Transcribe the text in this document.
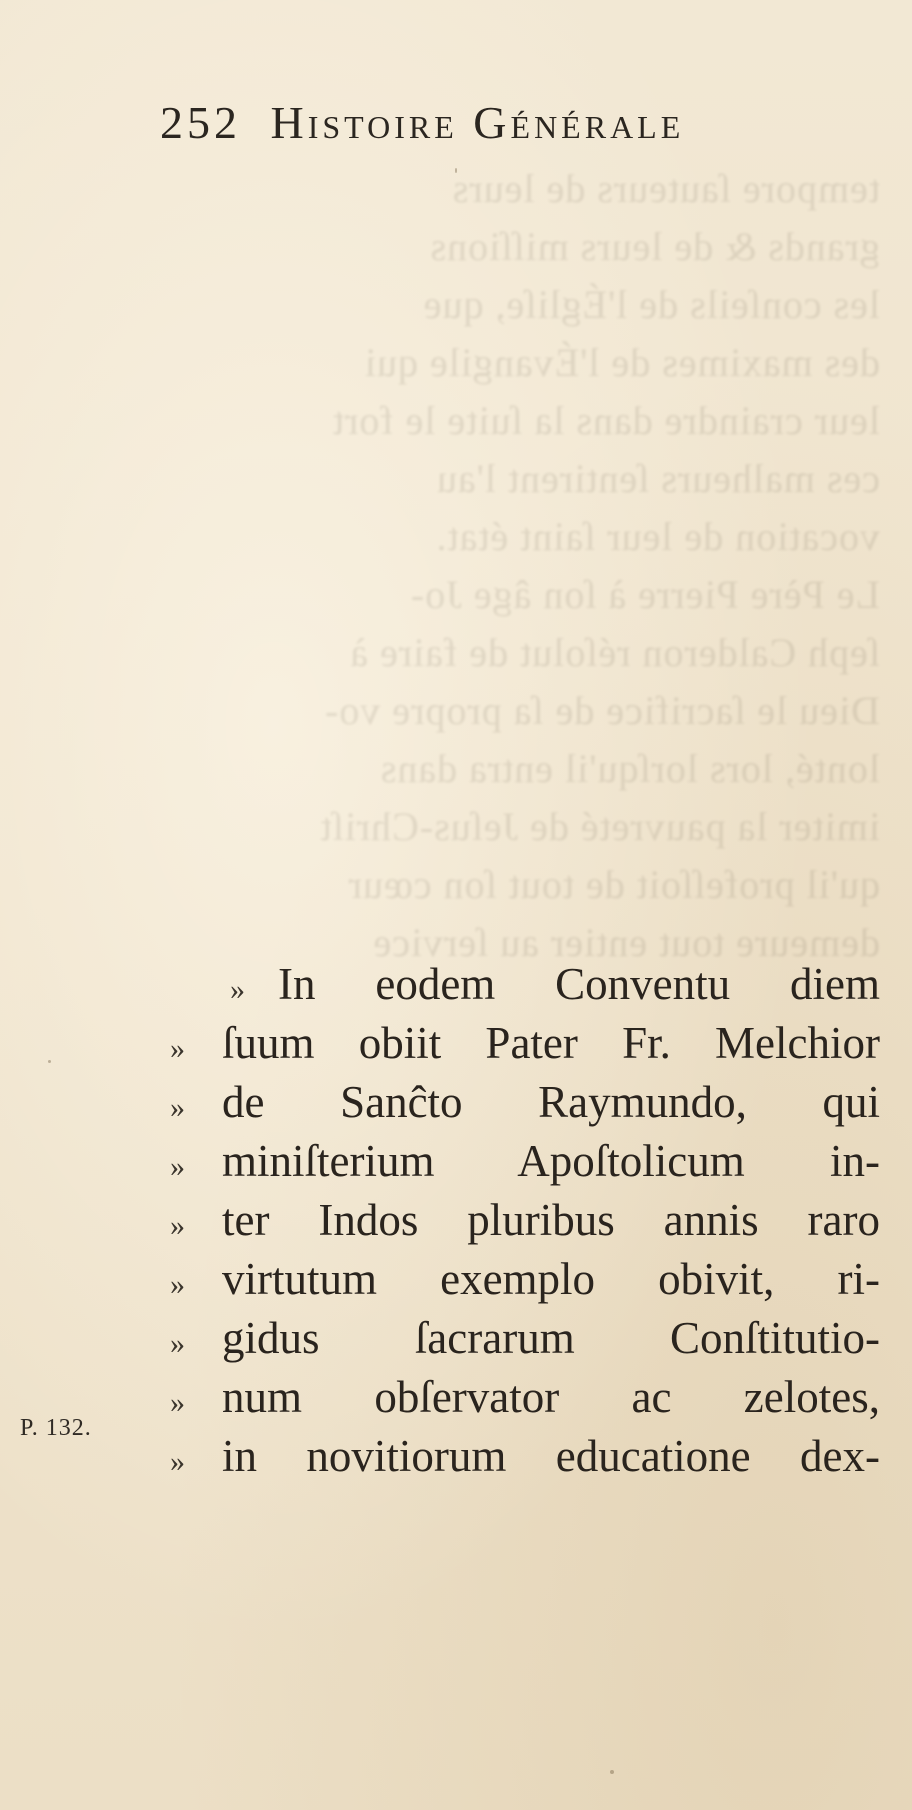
tempore ſauteurs de leurs
grands & de leurs miſſions
les conſeils de l'Égliſe, que
des maximes de l'Évangile qui
leur craindre dans la ſuite le fort
ces malheurs ſentirent l'au
vocation de leur ſaint état.
Le Père Pierre à ſon âge Jo-
ſeph Calderon réſolut de faire à
Dieu le ſacrifice de ſa propre vo-
lonté, lors lorſqu'il entra dans
imiter la pauvreté de Jeſus-Chriſt
qu'il profeſſoit de tout ſon cœur
demeure tout entier au ſervice
252 Histoire Générale
» In eodem Conventu diem
» ſuum obiit Pater Fr. Melchior
» de Sanĉto Raymundo, qui
» miniſterium Apoſtolicum in-
» ter Indos pluribus annis raro
» virtutum exemplo obivit, ri-
» gidus ſacrarum Conſtitutio-
» num obſervator ac zelotes,
» in novitiorum educatione dex-
P. 132.
